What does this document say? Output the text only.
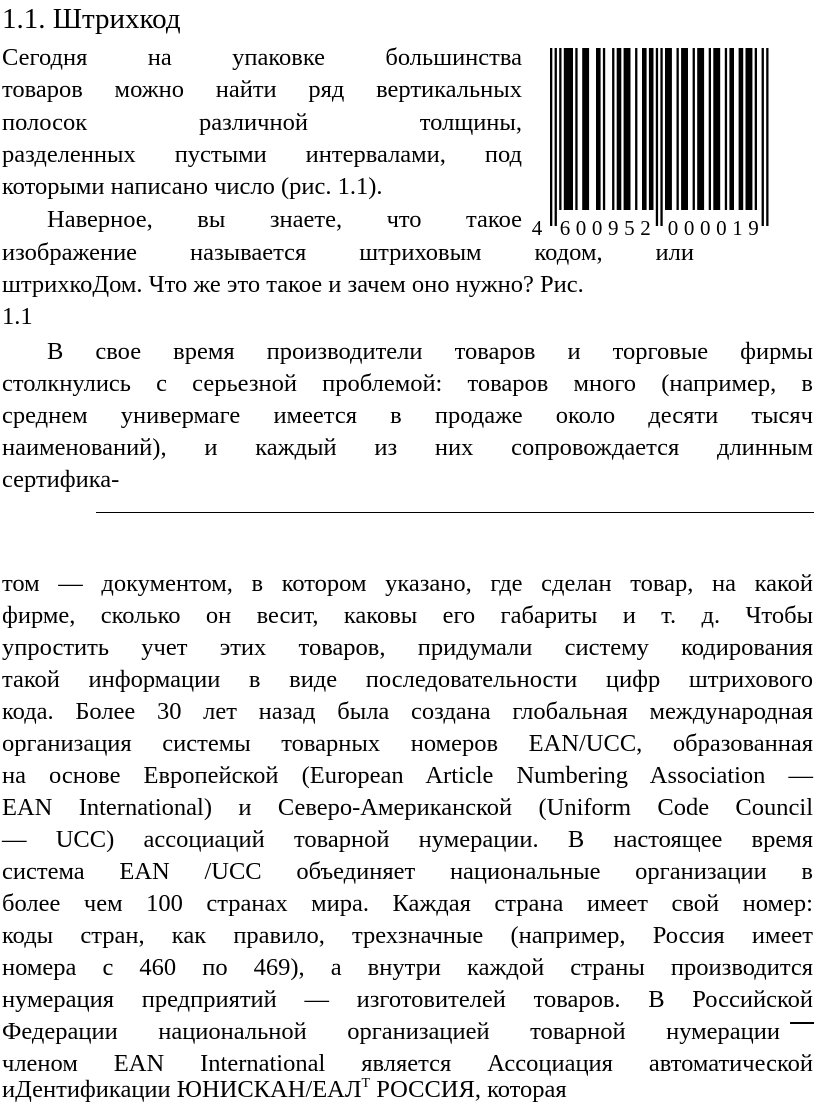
1.1. Штрихкод
Сегодня на упаковке большинства
товаров можно найти ряд вертикальных
полосок различной толщины,
разделенных пустыми интервалами, под
которыми написано число (рис. 1.1).
Наверное, вы знаете, что такое
изображение называется штриховым кодом, или
штрихкоДом. Что же это такое и зачем оно нужно? Рис.
1.1
4 6 0 0 9 5 2 0 0 0 0 1 9
В свое время производители товаров и торговые фирмы
столкнулись с серьезной проблемой: товаров много (например, в
среднем универмаге имеется в продаже около десяти тысяч
наименований), и каждый из них сопровождается длинным
сертифика-
том — документом, в котором указано, где сделан товар, на какой
фирме, сколько он весит, каковы его габариты и т. д. Чтобы
упростить учет этих товаров, придумали систему кодирования
такой информации в виде последовательности цифр штрихового
кода. Более 30 лет назад была создана глобальная международная
организация системы товарных номеров EAN/UCC, образованная
на основе Европейской (European Article Numbering Association —
EAN International) и Северо-Американской (Uniform Code Council
— UCC) ассоциаций товарной нумерации. В настоящее время
система EAN /UCC объединяет национальные организации в
более чем 100 странах мира. Каждая страна имеет свой номер:
коды стран, как правило, трехзначные (например, Россия имеет
номера с 460 по 469), а внутри каждой страны производится
нумерация предприятий — изготовителей товаров. В Российской
Федерации национальной организацией товарной нумерации
членом EAN International является Ассоциация автоматической
иДентификации ЮНИСКАН/$ЕАЛ^Т$ РОССИЯ, которая
